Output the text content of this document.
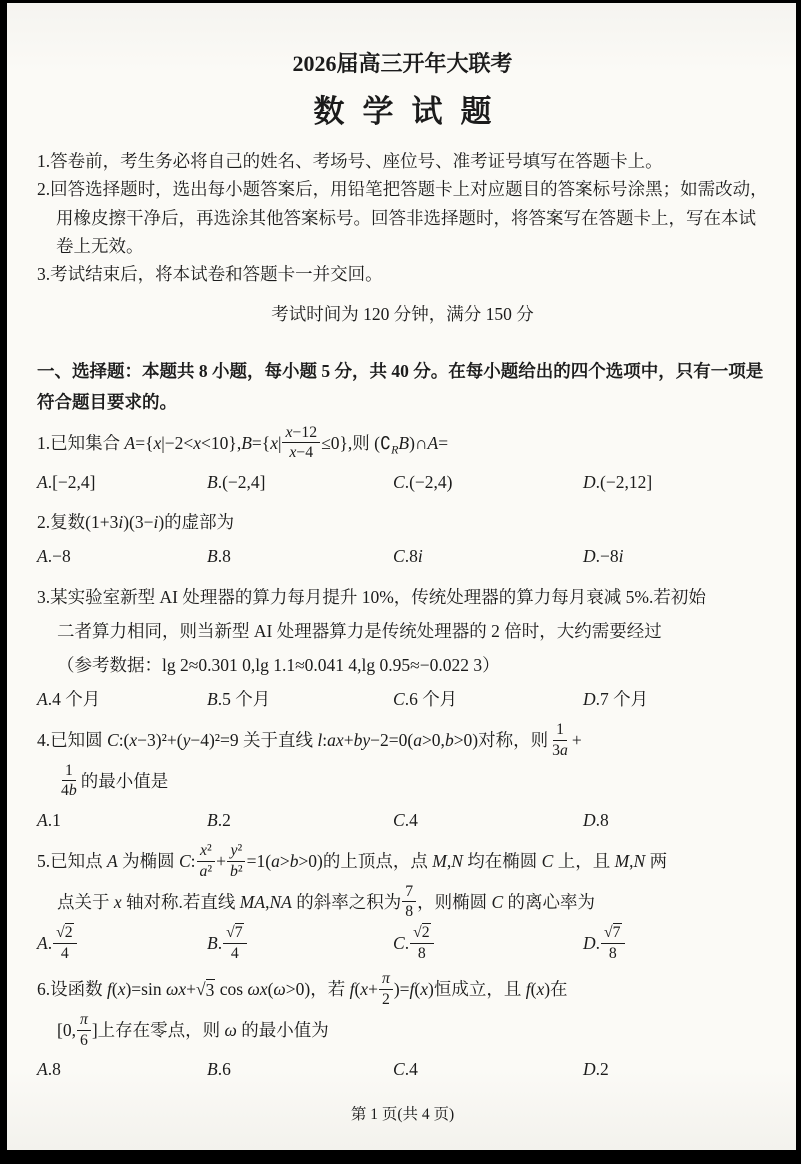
2026届高三开年大联考
数学试题
1.答卷前，考生务必将自己的姓名、考场号、座位号、准考证号填写在答题卡上。
2.回答选择题时，选出每小题答案后，用铅笔把答题卡上对应题目的答案标号涂黑；如需改动，用橡皮擦干净后，再选涂其他答案标号。回答非选择题时，将答案写在答题卡上，写在本试卷上无效。
3.考试结束后，将本试卷和答题卡一并交回。
考试时间为 120 分钟，满分 150 分
一、选择题：本题共 8 小题，每小题 5 分，共 40 分。在每小题给出的四个选项中，只有一项是符合题目要求的。
1.已知集合 $A=\{x|-2<x<10\},B=\{x| \frac{x-12}{x-4} \le 0\}$,则 $(∁_RB)\cap A=$
A.[−2,4]	B.(−2,4]	C.(−2,4)	D.(−2,12]
2.复数(1+3i)(3−i)的虚部为
A.−8	B.8	C.8i	D.−8i
3.某实验室新型 AI 处理器的算力每月提升 10%，传统处理器的算力每月衰减 5%.若初始
二者算力相同，则当新型 AI 处理器算力是传统处理器的 2 倍时，大约需要经过
（参考数据：lg 2≈0.301 0,lg 1.1≈0.041 4,lg 0.95≈−0.022 3）
A.4 个月	B.5 个月	C.6 个月	D.7 个月
4.已知圆 C:(x−3)²+(y−4)²=9 关于直线 l:ax+by−2=0(a>0,b>0)对称，则 $\frac{1}{3a}$ +

$\frac{1}{4b}$ 的最小值是
A.1	B.2	C.4	D.8
5.已知点 A 为椭圆 C: $\frac{\text{x²}}{\text{a²}} + \frac{\text{y²}}{\text{b²}} =1(a>b>0)$的上顶点，点 M,N 均在椭圆 C 上，且 M,N 两
点关于 x 轴对称.若直线 MA,NA 的斜率之积为 $\frac{7}{8}$ ，则椭圆 C 的离心率为
A. $\frac{√2}{4}$	B. $\frac{√7}{4}$	C. $\frac{√2}{8}$	D. $\frac{√7}{8}$
6.设函数 f(x)=sin ωx+√3 cos ωx(ω>0)，若 $f(x+ \frac{\pi}{2} )=f(x)$恒成立，且 f(x)在
[0, $\frac{\pi}{6}$ ]上存在零点，则 ω 的最小值为
A.8	B.6	C.4	D.2
第 1 页(共 4 页)
